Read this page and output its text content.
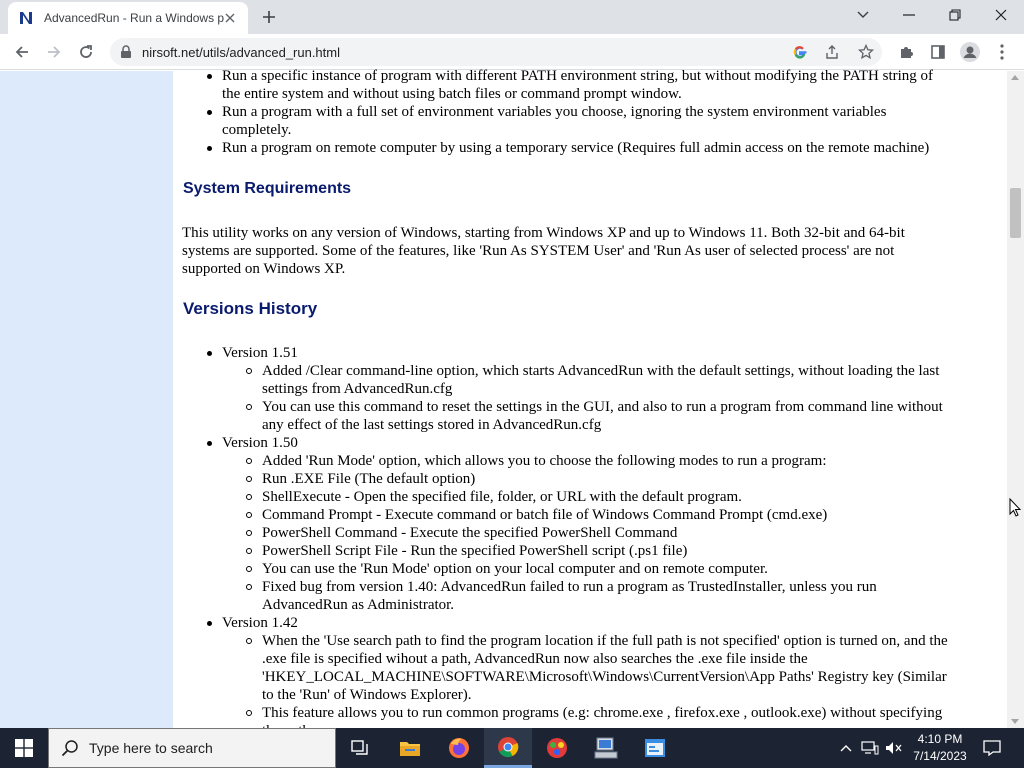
AdvancedRun - Run a Windows p
nirsoft.net/utils/advanced_run.html
Run a specific instance of program with different PATH environment string, but without modifying the PATH string of
the entire system and without using batch files or command prompt window.
Run a program with a full set of environment variables you choose, ignoring the system environment variables
completely.
Run a program on remote computer by using a temporary service (Requires full admin access on the remote machine)
System Requirements
This utility works on any version of Windows, starting from Windows XP and up to Windows 11. Both 32-bit and 64-bit
systems are supported. Some of the features, like 'Run As SYSTEM User' and 'Run As user of selected process' are not
supported on Windows XP.
Versions History
Version 1.51
Added /Clear command-line option, which starts AdvancedRun with the default settings, without loading the last
settings from AdvancedRun.cfg
You can use this command to reset the settings in the GUI, and also to run a program from command line without
any effect of the last settings stored in AdvancedRun.cfg
Version 1.50
Added 'Run Mode' option, which allows you to choose the following modes to run a program:
Run .EXE File (The default option)
ShellExecute - Open the specified file, folder, or URL with the default program.
Command Prompt - Execute command or batch file of Windows Command Prompt (cmd.exe)
PowerShell Command - Execute the specified PowerShell Command
PowerShell Script File - Run the specified PowerShell script (.ps1 file)
You can use the 'Run Mode' option on your local computer and on remote computer.
Fixed bug from version 1.40: AdvancedRun failed to run a program as TrustedInstaller, unless you run
AdvancedRun as Administrator.
Version 1.42
When the 'Use search path to find the program location if the full path is not specified' option is turned on, and the
.exe file is specified wihout a path, AdvancedRun now also searches the .exe file inside the
'HKEY_LOCAL_MACHINE\SOFTWARE\Microsoft\Windows\CurrentVersion\App Paths' Registry key (Similar
to the 'Run' of Windows Explorer).
This feature allows you to run common programs (e.g: chrome.exe , firefox.exe , outlook.exe) without specifying
Type here to search
4:10 PM
7/14/2023
